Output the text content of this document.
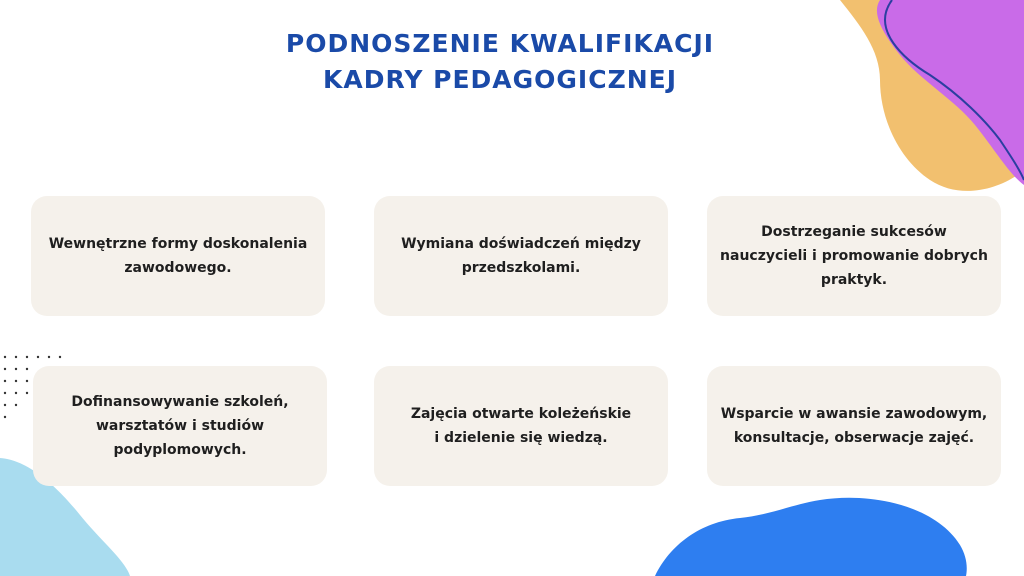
PODNOSZENIE KWALIFIKACJI
KADRY PEDAGOGICZNEJ
Wewnętrzne formy doskonalenia
zawodowego.
Wymiana doświadczeń między
przedszkolami.
Dostrzeganie sukcesów
nauczycieli i promowanie dobrych
praktyk.
Dofinansowywanie szkoleń,
warsztatów i studiów
podyplomowych.
Zajęcia otwarte koleżeńskie
i dzielenie się wiedzą.
Wsparcie w awansie zawodowym,
konsultacje, obserwacje zajęć.
